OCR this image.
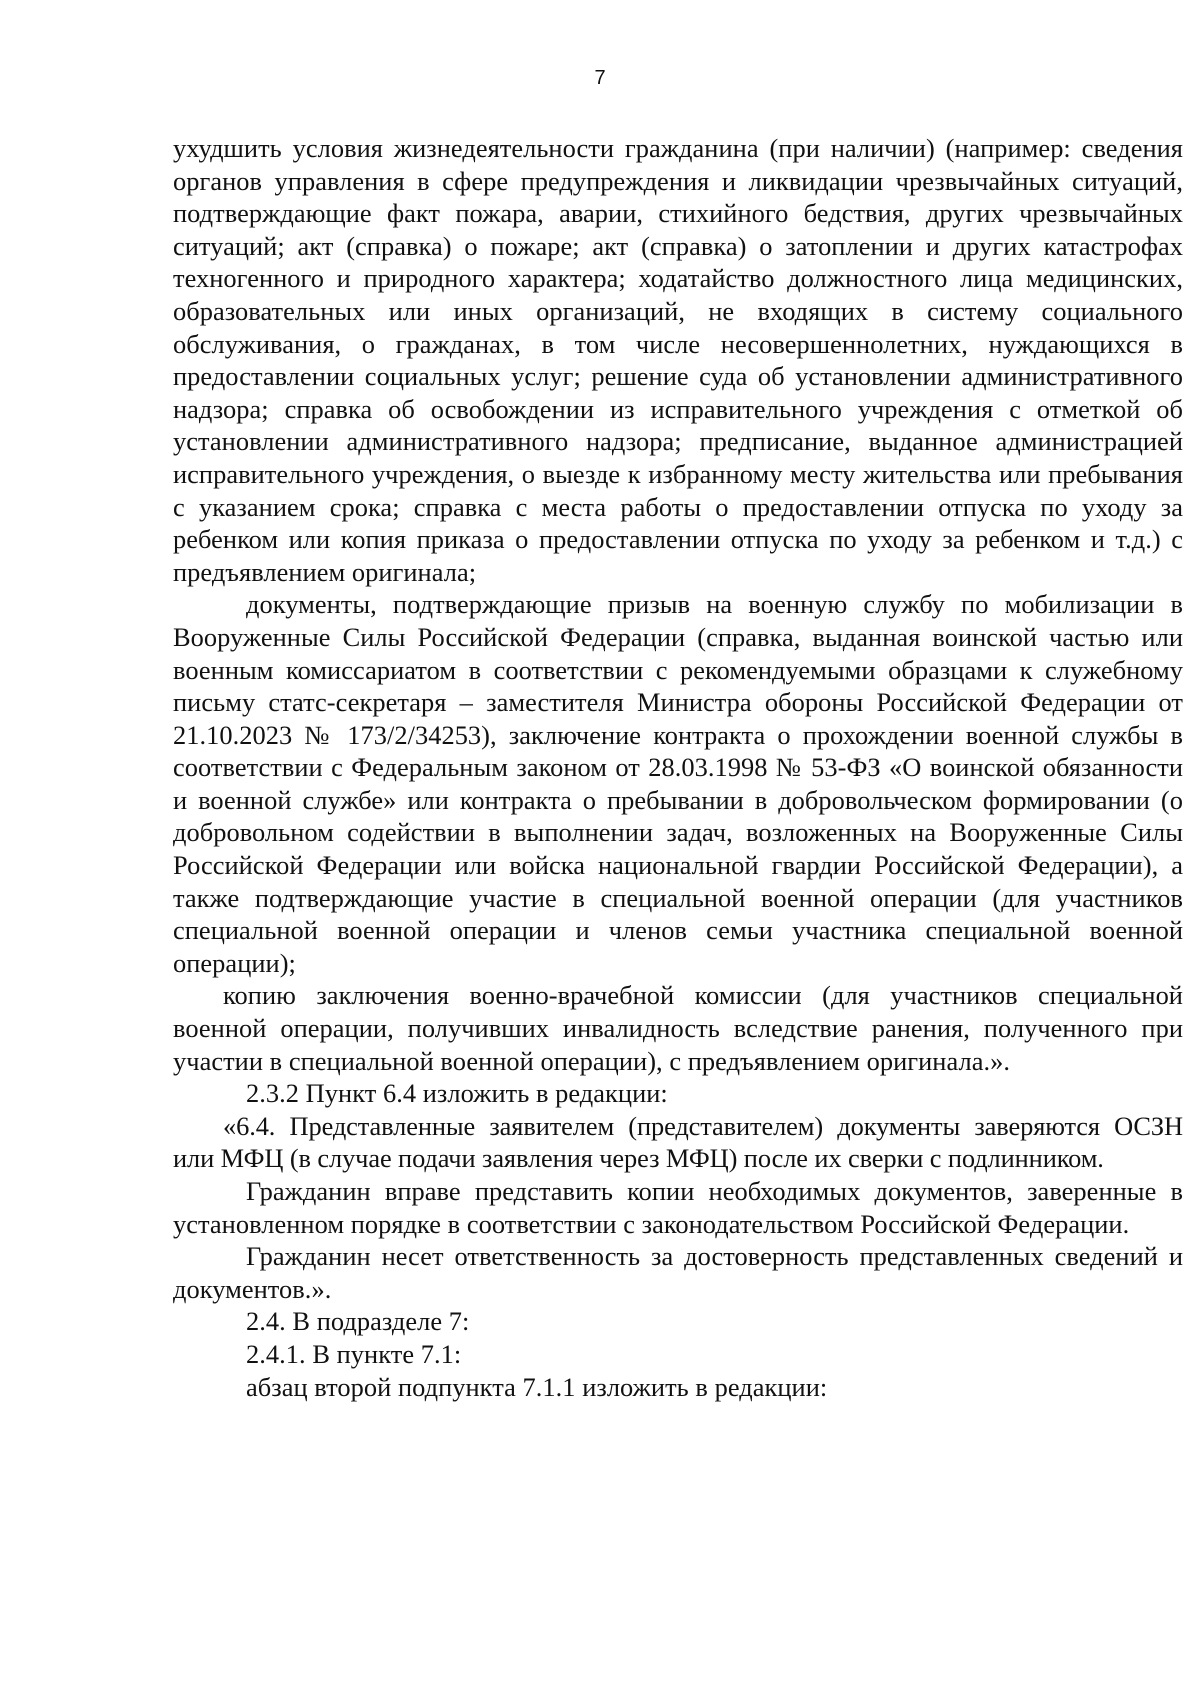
7

ухудшить условия жизнедеятельности гражданина (при наличии) (например: сведения органов управления в сфере предупреждения и ликвидации чрезвычайных ситуаций, подтверждающие факт пожара, аварии, стихийного бедствия, других чрезвычайных ситуаций; акт (справка) о пожаре; акт (справка) о затоплении и других катастрофах техногенного и природного характера; ходатайство должностного лица медицинских, образовательных или иных организаций, не входящих в систему социального обслуживания, о гражданах, в том числе несовершеннолетних, нуждающихся в предоставлении социальных услуг; решение суда об установлении административного надзора; справка об освобождении из исправительного учреждения с отметкой об установлении административного надзора; предписание, выданное администрацией исправительного учреждения, о выезде к избранному месту жительства или пребывания с указанием срока; справка с места работы о предоставлении отпуска по уходу за ребенком или копия приказа о предоставлении отпуска по уходу за ребенком и т.д.) с предъявлением оригинала;

документы, подтверждающие призыв на военную службу по мобилизации в Вооруженные Силы Российской Федерации (справка, выданная воинской частью или военным комиссариатом в соответствии с рекомендуемыми образцами к служебному письму статс-секретаря – заместителя Министра обороны Российской Федерации от 21.10.2023 № 173/2/34253), заключение контракта о прохождении военной службы в соответствии с Федеральным законом от 28.03.1998 № 53-ФЗ «О воинской обязанности и военной службе» или контракта о пребывании в добровольческом формировании (о добровольном содействии в выполнении задач, возложенных на Вооруженные Силы Российской Федерации или войска национальной гвардии Российской Федерации), а также подтверждающие участие в специальной военной операции (для участников специальной военной операции и членов семьи участника специальной военной операции);

копию заключения военно-врачебной комиссии (для участников специальной военной операции, получивших инвалидность вследствие ранения, полученного при участии в специальной военной операции), с предъявлением оригинала.».

2.3.2 Пункт 6.4 изложить в редакции:

«6.4. Представленные заявителем (представителем) документы заверяются ОСЗН или МФЦ (в случае подачи заявления через МФЦ) после их сверки с подлинником.

Гражданин вправе представить копии необходимых документов, заверенные в установленном порядке в соответствии с законодательством Российской Федерации.

Гражданин несет ответственность за достоверность представленных сведений и документов.».

2.4. В подразделе 7:

2.4.1. В пункте 7.1:

абзац второй подпункта 7.1.1 изложить в редакции:
